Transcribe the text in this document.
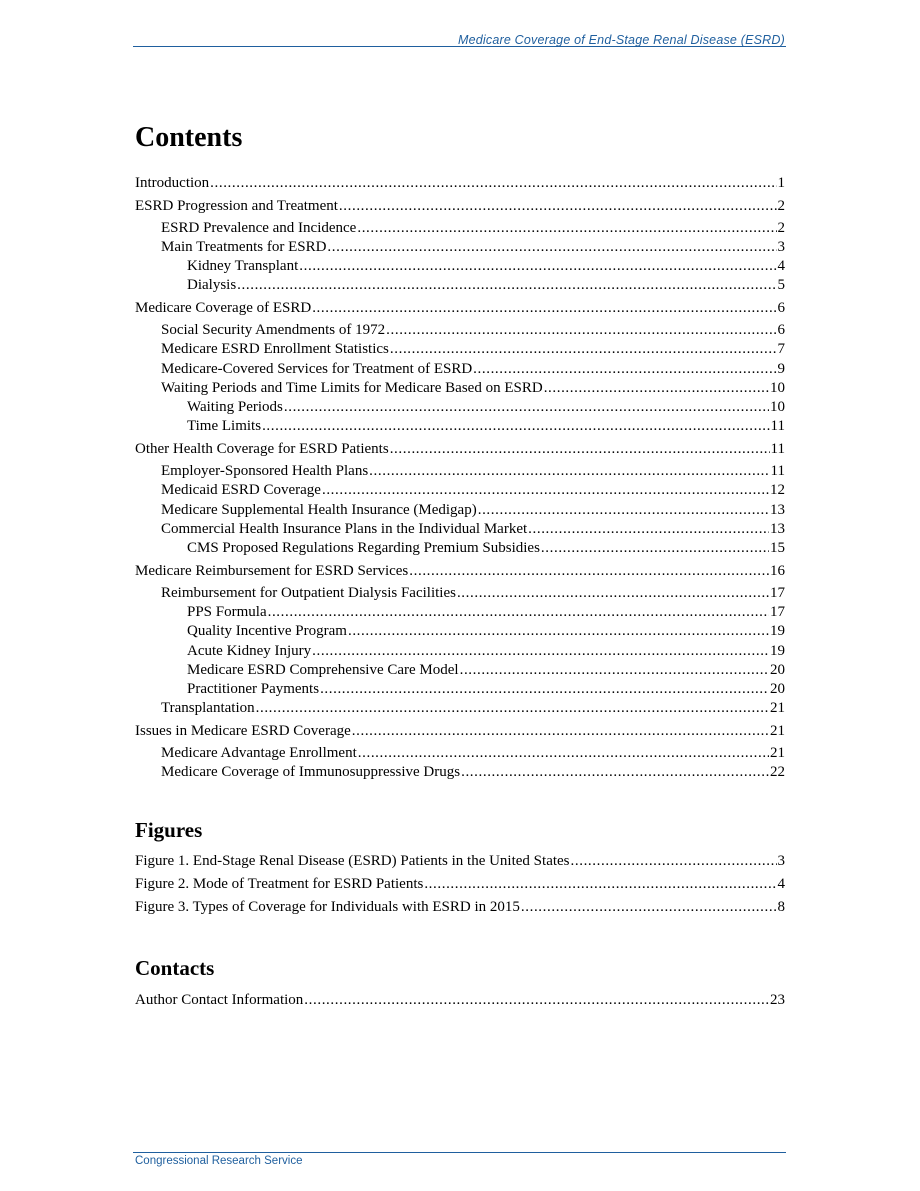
Medicare Coverage of End-Stage Renal Disease (ESRD)
Contents
Introduction .....	1
ESRD Progression and Treatment .....	2
ESRD Prevalence and Incidence .....	2
Main Treatments for ESRD .....	3
Kidney Transplant .....	4
Dialysis .....	5
Medicare Coverage of ESRD .....	6
Social Security Amendments of 1972 .....	6
Medicare ESRD Enrollment Statistics .....	7
Medicare-Covered Services for Treatment of ESRD .....	9
Waiting Periods and Time Limits for Medicare Based on ESRD .....	10
Waiting Periods .....	10
Time Limits .....	11
Other Health Coverage for ESRD Patients .....	11
Employer-Sponsored Health Plans .....	11
Medicaid ESRD Coverage .....	12
Medicare Supplemental Health Insurance (Medigap) .....	13
Commercial Health Insurance Plans in the Individual Market .....	13
CMS Proposed Regulations Regarding Premium Subsidies .....	15
Medicare Reimbursement for ESRD Services .....	16
Reimbursement for Outpatient Dialysis Facilities .....	17
PPS Formula .....	17
Quality Incentive Program .....	19
Acute Kidney Injury .....	19
Medicare ESRD Comprehensive Care Model .....	20
Practitioner Payments .....	20
Transplantation .....	21
Issues in Medicare ESRD Coverage .....	21
Medicare Advantage Enrollment .....	21
Medicare Coverage of Immunosuppressive Drugs .....	22
Figures
Figure 1. End-Stage Renal Disease (ESRD) Patients in the United States .....	3
Figure 2. Mode of Treatment for ESRD Patients .....	4
Figure 3. Types of Coverage for Individuals with ESRD in 2015 .....	8
Contacts
Author Contact Information .....	23
Congressional Research Service
